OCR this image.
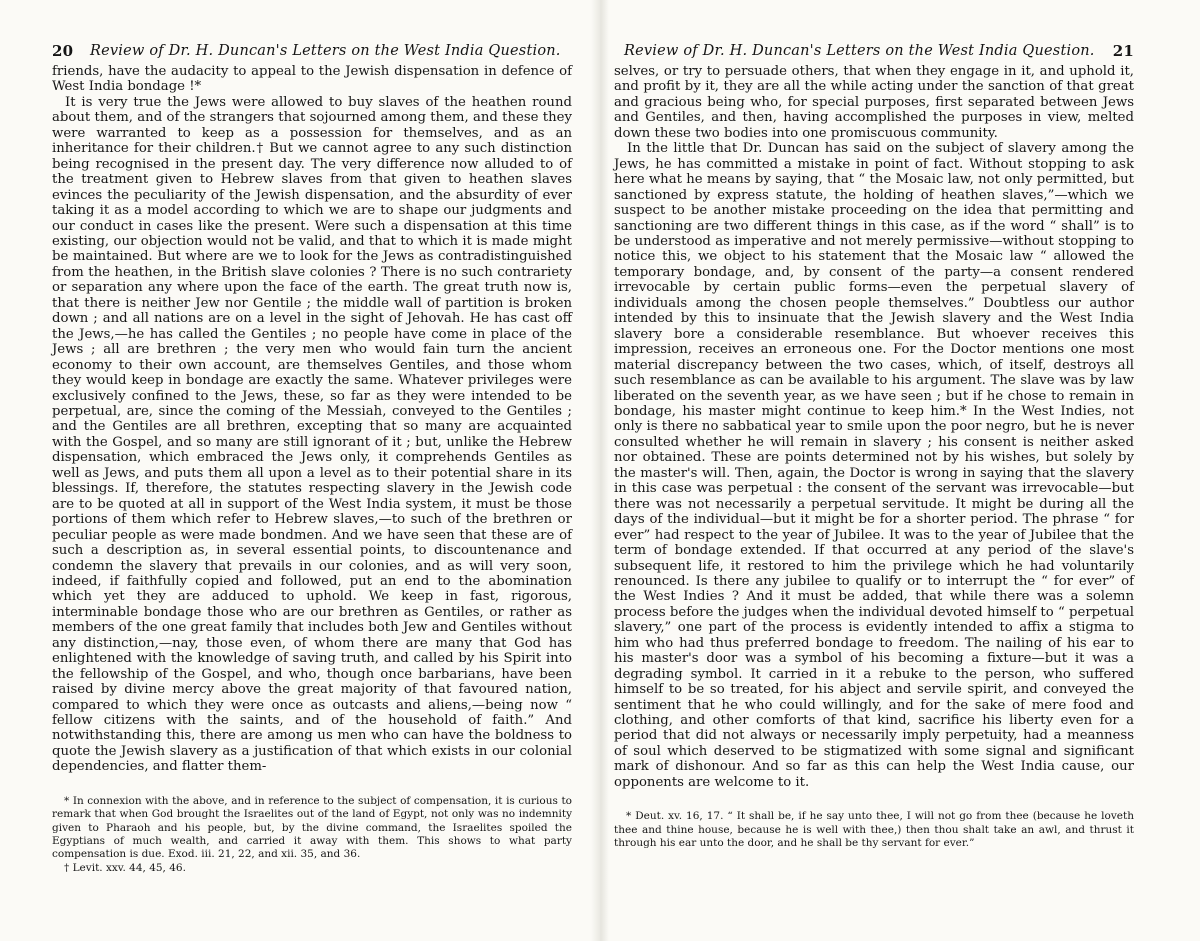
20 Review of Dr. H. Duncan's Letters on the West India Question.

friends, have the audacity to appeal to the Jewish dispensation in defence of West India bondage !*

It is very true the Jews were allowed to buy slaves of the heathen round about them, and of the strangers that sojourned among them, and these they were warranted to keep as a possession for themselves, and as an inheritance for their children.† But we cannot agree to any such distinction being recognised in the present day. The very difference now alluded to of the treatment given to Hebrew slaves from that given to heathen slaves evinces the peculiarity of the Jewish dispensation, and the absurdity of ever taking it as a model according to which we are to shape our judgments and our conduct in cases like the present. Were such a dispensation at this time existing, our objection would not be valid, and that to which it is made might be maintained. But where are we to look for the Jews as contradistinguished from the heathen, in the British slave colonies ? There is no such contrariety or separation any where upon the face of the earth. The great truth now is, that there is neither Jew nor Gentile ; the middle wall of partition is broken down ; and all nations are on a level in the sight of Jehovah. He has cast off the Jews,—he has called the Gentiles ; no people have come in place of the Jews ; all are brethren ; the very men who would fain turn the ancient economy to their own account, are themselves Gentiles, and those whom they would keep in bondage are exactly the same. Whatever privileges were exclusively confined to the Jews, these, so far as they were intended to be perpetual, are, since the coming of the Messiah, conveyed to the Gentiles ; and the Gentiles are all brethren, excepting that so many are acquainted with the Gospel, and so many are still ignorant of it ; but, unlike the Hebrew dispensation, which embraced the Jews only, it comprehends Gentiles as well as Jews, and puts them all upon a level as to their potential share in its blessings. If, therefore, the statutes respecting slavery in the Jewish code are to be quoted at all in support of the West India system, it must be those portions of them which refer to Hebrew slaves,—to such of the brethren or peculiar people as were made bondmen. And we have seen that these are of such a description as, in several essential points, to discountenance and condemn the slavery that prevails in our colonies, and as will very soon, indeed, if faithfully copied and followed, put an end to the abomination which yet they are adduced to uphold. We keep in fast, rigorous, interminable bondage those who are our brethren as Gentiles, or rather as members of the one great family that includes both Jew and Gentiles without any distinction,—nay, those even, of whom there are many that God has enlightened with the knowledge of saving truth, and called by his Spirit into the fellowship of the Gospel, and who, though once barbarians, have been raised by divine mercy above the great majority of that favoured nation, compared to which they were once as outcasts and aliens,—being now “ fellow citizens with the saints, and of the household of faith.” And notwithstanding this, there are among us men who can have the boldness to quote the Jewish slavery as a justification of that which exists in our colonial dependencies, and flatter them-

* In connexion with the above, and in reference to the subject of compensation, it is curious to remark that when God brought the Israelites out of the land of Egypt, not only was no indemnity given to Pharaoh and his people, but, by the divine command, the Israelites spoiled the Egyptians of much wealth, and carried it away with them. This shows to what party compensation is due. Exod. iii. 21, 22, and xii. 35, and 36.

† Levit. xxv. 44, 45, 46.

Review of Dr. H. Duncan's Letters on the West India Question. 21

selves, or try to persuade others, that when they engage in it, and uphold it, and profit by it, they are all the while acting under the sanction of that great and gracious being who, for special purposes, first separated between Jews and Gentiles, and then, having accomplished the purposes in view, melted down these two bodies into one promiscuous community.

In the little that Dr. Duncan has said on the subject of slavery among the Jews, he has committed a mistake in point of fact. Without stopping to ask here what he means by saying, that “ the Mosaic law, not only permitted, but sanctioned by express statute, the holding of heathen slaves,”—which we suspect to be another mistake proceeding on the idea that permitting and sanctioning are two different things in this case, as if the word “ shall” is to be understood as imperative and not merely permissive—without stopping to notice this, we object to his statement that the Mosaic law “ allowed the temporary bondage, and, by consent of the party—a consent rendered irrevocable by certain public forms—even the perpetual slavery of individuals among the chosen people themselves.” Doubtless our author intended by this to insinuate that the Jewish slavery and the West India slavery bore a considerable resemblance. But whoever receives this impression, receives an erroneous one. For the Doctor mentions one most material discrepancy between the two cases, which, of itself, destroys all such resemblance as can be available to his argument. The slave was by law liberated on the seventh year, as we have seen ; but if he chose to remain in bondage, his master might continue to keep him.* In the West Indies, not only is there no sabbatical year to smile upon the poor negro, but he is never consulted whether he will remain in slavery ; his consent is neither asked nor obtained. These are points determined not by his wishes, but solely by the master's will. Then, again, the Doctor is wrong in saying that the slavery in this case was perpetual : the consent of the servant was irrevocable—but there was not necessarily a perpetual servitude. It might be during all the days of the individual—but it might be for a shorter period. The phrase “ for ever” had respect to the year of Jubilee. It was to the year of Jubilee that the term of bondage extended. If that occurred at any period of the slave's subsequent life, it restored to him the privilege which he had voluntarily renounced. Is there any jubilee to qualify or to interrupt the “ for ever” of the West Indies ? And it must be added, that while there was a solemn process before the judges when the individual devoted himself to “ perpetual slavery,” one part of the process is evidently intended to affix a stigma to him who had thus preferred bondage to freedom. The nailing of his ear to his master's door was a symbol of his becoming a fixture—but it was a degrading symbol. It carried in it a rebuke to the person, who suffered himself to be so treated, for his abject and servile spirit, and conveyed the sentiment that he who could willingly, and for the sake of mere food and clothing, and other comforts of that kind, sacrifice his liberty even for a period that did not always or necessarily imply perpetuity, had a meanness of soul which deserved to be stigmatized with some signal and significant mark of dishonour. And so far as this can help the West India cause, our opponents are welcome to it.

* Deut. xv. 16, 17. “ It shall be, if he say unto thee, I will not go from thee (because he loveth thee and thine house, because he is well with thee,) then thou shalt take an awl, and thrust it through his ear unto the door, and he shall be thy servant for ever.”
